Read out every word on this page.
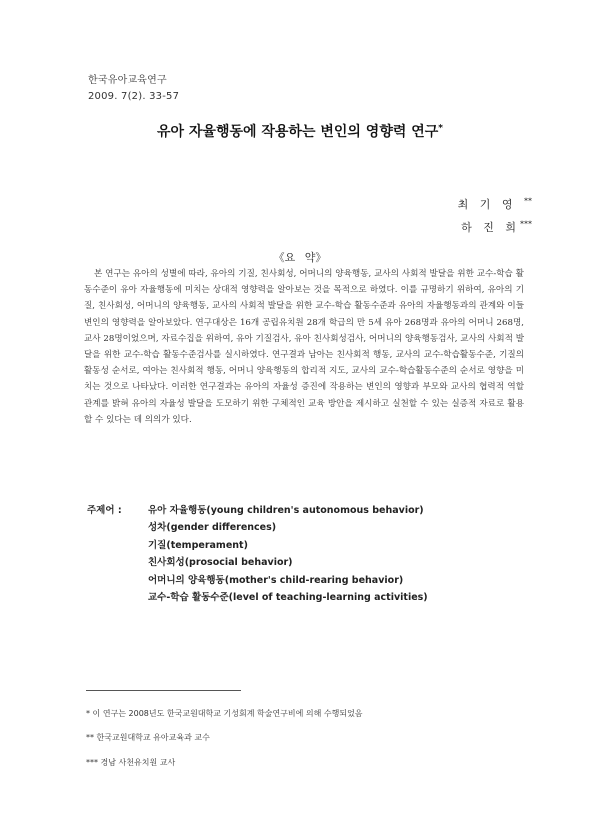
한국유아교육연구
2009. 7(2). 33-57
유아 자율행동에 작용하는 변인의 영향력 연구*
최 기 영 **
하 진 희***
《요 약》
본 연구는 유아의 성별에 따라, 유아의 기질, 친사회성, 어머니의 양육행동, 교사의 사회적 발달을 위한 교수-학습 활동수준이 유아 자율행동에 미치는 상대적 영향력을 알아보는 것을 목적으로 하였다. 이를 규명하기 위하여, 유아의 기질, 친사회성, 어머니의 양육행동, 교사의 사회적 발달을 위한 교수-학습 활동수준과 유아의 자율행동과의 관계와 이들 변인의 영향력을 알아보았다. 연구대상은 16개 공립유치원 28개 학급의 만 5세 유아 268명과 유아의 어머니 268명, 교사 28명이었으며, 자료수집을 위하여, 유아 기질검사, 유아 친사회성검사, 어머니의 양육행동검사, 교사의 사회적 발달을 위한 교수-학습 활동수준검사를 실시하였다. 연구결과 남아는 친사회적 행동, 교사의 교수-학습활동수준, 기질의 활동성 순서로, 여아는 친사회적 행동, 어머니 양육행동의 합리적 지도, 교사의 교수-학습활동수준의 순서로 영향을 미치는 것으로 나타났다. 이러한 연구결과는 유아의 자율성 증진에 작용하는 변인의 영향과 부모와 교사의 협력적 역할 관계를 밝혀 유아의 자율성 발달을 도모하기 위한 구체적인 교육 방안을 제시하고 실천할 수 있는 실증적 자료로 활용할 수 있다는 데 의의가 있다.
주제어 :	유아 자율행동(young children's autonomous behavior)
성차(gender differences)
기질(temperament)
친사회성(prosocial behavior)
어머니의 양육행동(mother's child-rearing behavior)
교수-학습 활동수준(level of teaching-learning activities)
* 이 연구는 2008년도 한국교원대학교 기성회계 학술연구비에 의해 수행되었음
** 한국교원대학교 유아교육과 교수
*** 경남 사천유치원 교사
